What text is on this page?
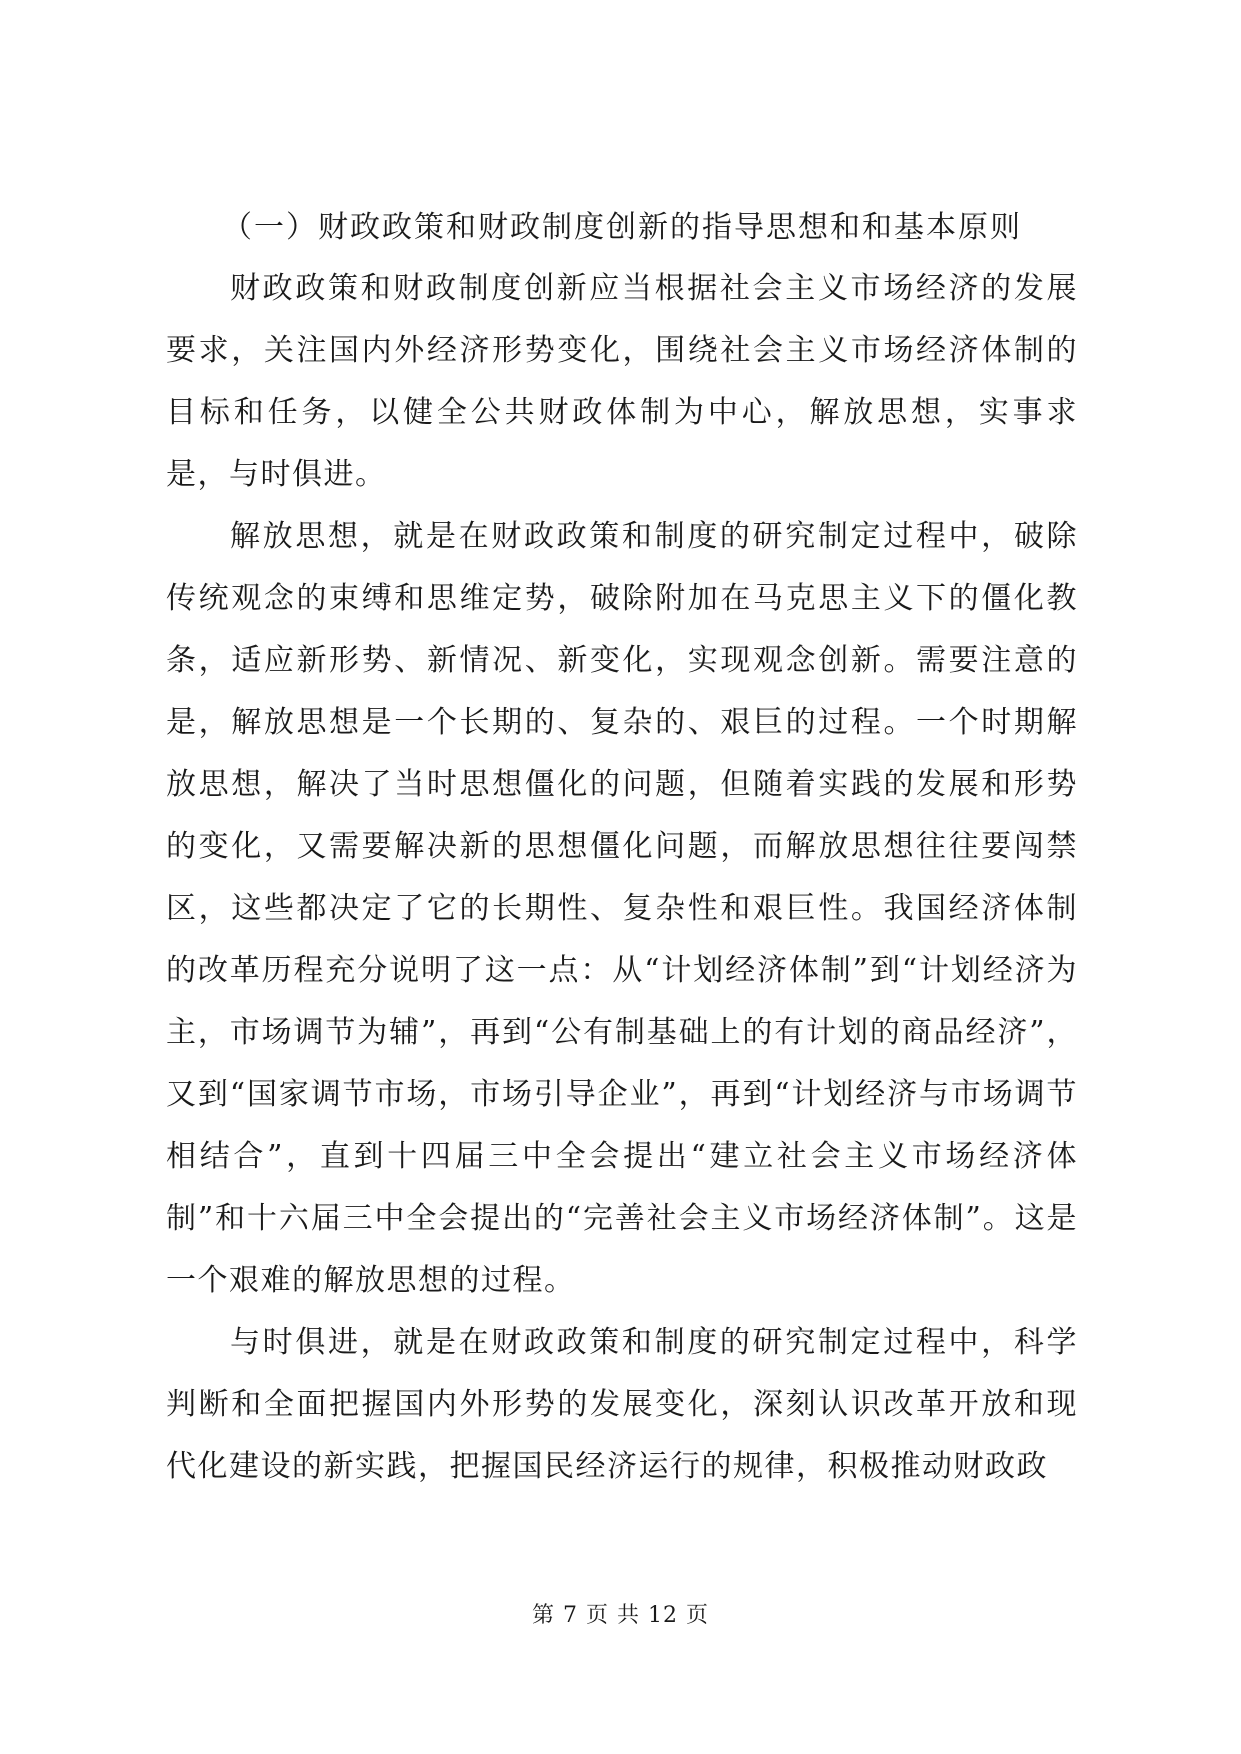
（一）财政政策和财政制度创新的指导思想和和基本原则

财政政策和财政制度创新应当根据社会主义市场经济的发展要求，关注国内外经济形势变化，围绕社会主义市场经济体制的目标和任务，以健全公共财政体制为中心，解放思想，实事求是，与时俱进。

解放思想，就是在财政政策和制度的研究制定过程中，破除传统观念的束缚和思维定势，破除附加在马克思主义下的僵化教条，适应新形势、新情况、新变化，实现观念创新。需要注意的是，解放思想是一个长期的、复杂的、艰巨的过程。一个时期解放思想，解决了当时思想僵化的问题，但随着实践的发展和形势的变化，又需要解决新的思想僵化问题，而解放思想往往要闯禁区，这些都决定了它的长期性、复杂性和艰巨性。我国经济体制的改革历程充分说明了这一点：从“计划经济体制”到“计划经济为主，市场调节为辅”，再到“公有制基础上的有计划的商品经济”，又到“国家调节市场，市场引导企业”，再到“计划经济与市场调节相结合”，直到十四届三中全会提出“建立社会主义市场经济体制”和十六届三中全会提出的“完善社会主义市场经济体制”。这是一个艰难的解放思想的过程。

与时俱进，就是在财政政策和制度的研究制定过程中，科学判断和全面把握国内外形势的发展变化，深刻认识改革开放和现代化建设的新实践，把握国民经济运行的规律，积极推动财政政

第 7 页 共 12 页
